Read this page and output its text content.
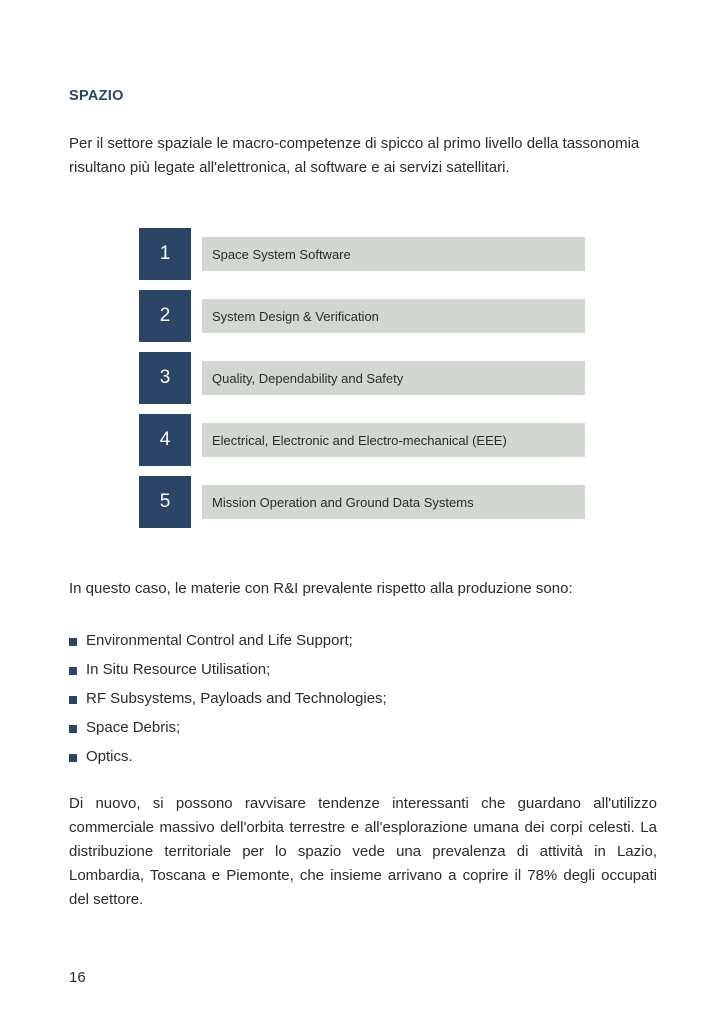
SPAZIO

Per il settore spaziale le macro-competenze di spicco al primo livello della tassonomia risultano più legate all'elettronica, al software e ai servizi satellitari.

1	Space System Software
2	System Design & Verification
3	Quality, Dependability and Safety
4	Electrical, Electronic and Electro-mechanical (EEE)
5	Mission Operation and Ground Data Systems

In questo caso, le materie con R&I prevalente rispetto alla produzione sono:

Environmental Control and Life Support;
In Situ Resource Utilisation;
RF Subsystems, Payloads and Technologies;
Space Debris;
Optics.

Di nuovo, si possono ravvisare tendenze interessanti che guardano all'utilizzo commerciale massivo dell'orbita terrestre e all'esplorazione umana dei corpi celesti. La distribuzione territoriale per lo spazio vede una prevalenza di attività in Lazio, Lombardia, Toscana e Piemonte, che insieme arrivano a coprire il 78% degli occupati del settore.

16
